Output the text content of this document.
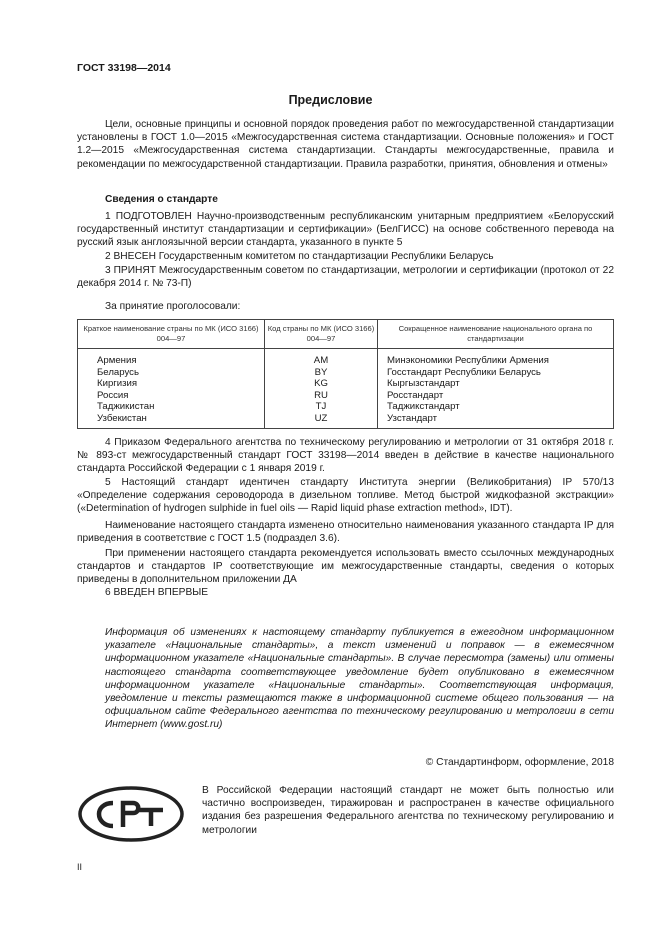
ГОСТ 33198—2014
Предисловие

Цели, основные принципы и основной порядок проведения работ по межгосударственной стандартизации установлены в ГОСТ 1.0—2015 «Межгосударственная система стандартизации. Основные положения» и ГОСТ 1.2—2015 «Межгосударственная система стандартизации. Стандарты межгосударственные, правила и рекомендации по межгосударственной стандартизации. Правила разработки, принятия, обновления и отмены»

Сведения о стандарте

1 ПОДГОТОВЛЕН Научно-производственным республиканским унитарным предприятием «Белорусский государственный институт стандартизации и сертификации» (БелГИСС) на основе собственного перевода на русский язык англоязычной версии стандарта, указанного в пункте 5

2 ВНЕСЕН Государственным комитетом по стандартизации Республики Беларусь

3 ПРИНЯТ Межгосударственным советом по стандартизации, метрологии и сертификации (протокол от 22 декабря 2014 г. № 73-П)

За принятие проголосовали:

Краткое наименование страны по МК (ИСО 3166) 004—97	Код страны по МК (ИСО 3166) 004—97	Сокращенное наименование национального органа по стандартизации
Армения	AM	Минэкономики Республики Армения
Беларусь	BY	Госстандарт Республики Беларусь
Киргизия	KG	Кыргызстандарт
Россия	RU	Росстандарт
Таджикистан	TJ	Таджикстандарт
Узбекистан	UZ	Узстандарт

4 Приказом Федерального агентства по техническому регулированию и метрологии от 31 октября 2018 г. № 893-ст межгосударственный стандарт ГОСТ 33198—2014 введен в действие в качестве национального стандарта Российской Федерации с 1 января 2019 г.

5 Настоящий стандарт идентичен стандарту Института энергии (Великобритания) IP 570/13 «Определение содержания сероводорода в дизельном топливе. Метод быстрой жидкофазной экстракции» («Determination of hydrogen sulphide in fuel oils — Rapid liquid phase extraction method», IDT).

Наименование настоящего стандарта изменено относительно наименования указанного стандарта IP для приведения в соответствие с ГОСТ 1.5 (подраздел 3.6).

При применении настоящего стандарта рекомендуется использовать вместо ссылочных международных стандартов и стандартов IP соответствующие им межгосударственные стандарты, сведения о которых приведены в дополнительном приложении ДА

6 ВВЕДЕН ВПЕРВЫЕ

Информация об изменениях к настоящему стандарту публикуется в ежегодном информационном указателе «Национальные стандарты», а текст изменений и поправок — в ежемесячном информационном указателе «Национальные стандарты». В случае пересмотра (замены) или отмены настоящего стандарта соответствующее уведомление будет опубликовано в ежемесячном информационном указателе «Национальные стандарты». Соответствующая информация, уведомление и тексты размещаются также в информационной системе общего пользования — на официальном сайте Федерального агентства по техническому регулированию и метрологии в сети Интернет (www.gost.ru)

© Стандартинформ, оформление, 2018

В Российской Федерации настоящий стандарт не может быть полностью или частично воспроизведен, тиражирован и распространен в качестве официального издания без разрешения Федерального агентства по техническому регулированию и метрологии

II
